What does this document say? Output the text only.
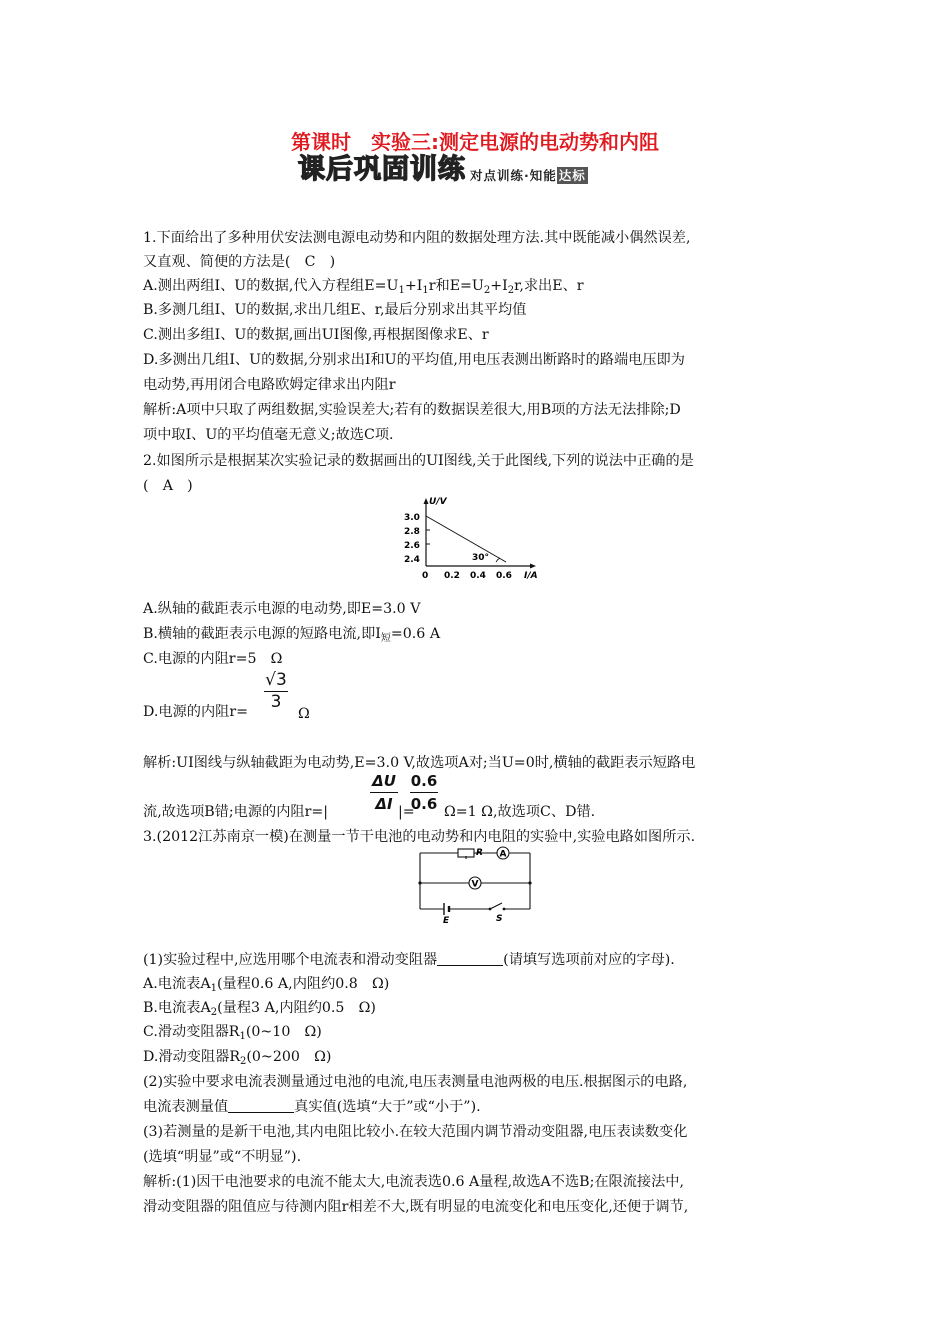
第课时　实验三:测定电源的电动势和内阻
课后巩固训练 对点训练·知能 达标
1.下面给出了多种用伏安法测电源电动势和内阻的数据处理方法.其中既能减小偶然误差,
又直观、简便的方法是(　C　)
A.测出两组I、U的数据,代入方程组$E=U_1+I_1r$和$E=U_2+I_2r$,求出E、r
B.多测几组I、U的数据,求出几组E、r,最后分别求出其平均值
C.测出多组I、U的数据,画出UI图像,再根据图像求E、r
D.多测出几组I、U的数据,分别求出I和U的平均值,用电压表测出断路时的路端电压即为
电动势,再用闭合电路欧姆定律求出内阻r
解析:A项中只取了两组数据,实验误差大;若有的数据误差很大,用B项的方法无法排除;D
项中取I、U的平均值毫无意义;故选C项.
2.如图所示是根据某次实验记录的数据画出的UI图线,关于此图线,下列的说法中正确的是
(　A　)
U/V
I/A
3.0
2.8
2.6
2.4
0 0.2 0.4 0.6
30°
A.纵轴的截距表示电源的电动势,即E=3.0 V
B.横轴的截距表示电源的短路电流,即$I_短=0.6$ A
C.电源的内阻r=5　Ω
D.电源的内阻$r= \frac{√3}{3}$
Ω
解析:UI图线与纵轴截距为电动势,E=3.0 V,故选项A对;当U=0时,横轴的截距表示短路电
流,故选项B错;电源的内阻r=|	$\frac{\Delta U}{\Delta I}$ |=
$\frac{0.6}{0.6} \Omega=1$ Ω,故选项C、D错.
3.(2012江苏南京一模)在测量一节干电池的电动势和内电阻的实验中,实验电路如图所示.
R A
V
E	S
(1)实验过程中,应选用哪个电流表和滑动变阻器	(请填写选项前对应的字母).
A.电流表$A_1$(量程0.6 A,内阻约0.8　Ω)
B.电流表$A_2$(量程3 A,内阻约0.5　Ω)
C.滑动变阻器$R_1(0\sim 10$　Ω)
D.滑动变阻器$R_2(0\sim 200$　Ω)
(2)实验中要求电流表测量通过电池的电流,电压表测量电池两极的电压.根据图示的电路,
电流表测量值	真实值(选填“大于”或“小于”).
(3)若测量的是新干电池,其内电阻比较小.在较大范围内调节滑动变阻器,电压表读数变化
(选填“明显”或“不明显”).
解析:(1)因干电池要求的电流不能太大,电流表选0.6 A量程,故选A不选B;在限流接法中,
滑动变阻器的阻值应与待测内阻r相差不大,既有明显的电流变化和电压变化,还便于调节,
